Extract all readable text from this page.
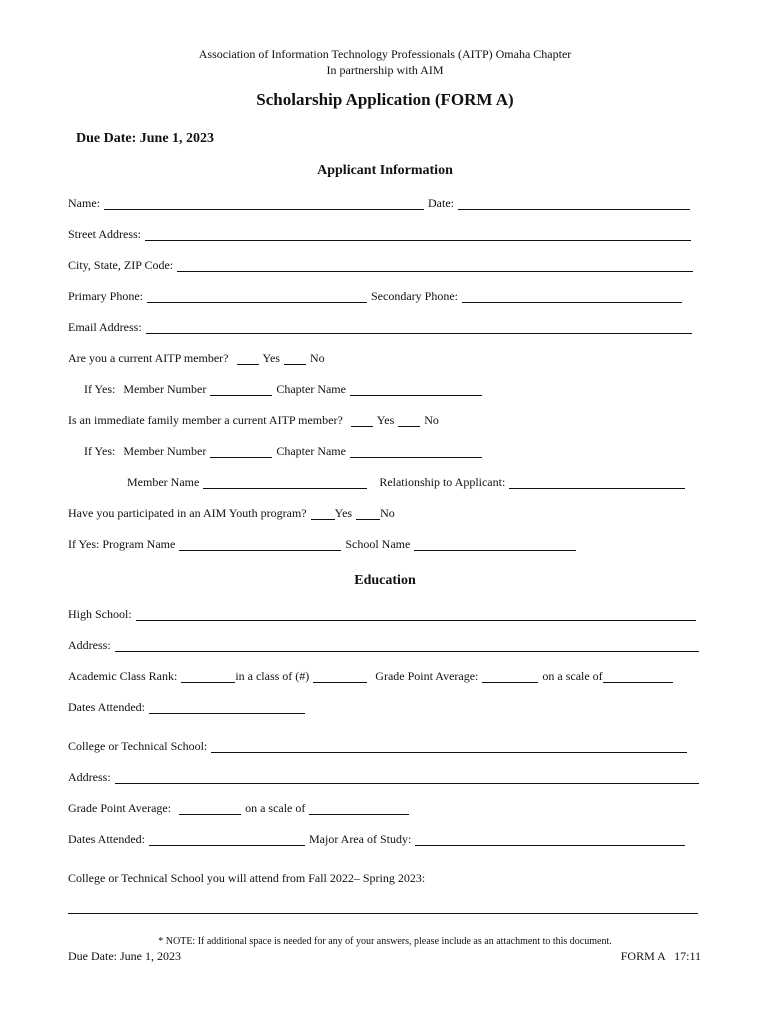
Association of Information Technology Professionals (AITP) Omaha Chapter
In partnership with AIM
Scholarship Application (FORM A)
Due Date: June 1, 2023
Applicant Information
Name:	Date:
Street Address:
City, State, ZIP Code:
Primary Phone:	Secondary Phone:
Email Address:
Are you a current AITP member?	Yes	No
If Yes: Member Number	Chapter Name
Is an immediate family member a current AITP member?	Yes	No
If Yes: Member Number	Chapter Name
Member Name	Relationship to Applicant:
Have you participated in an AIM Youth program? Yes No
If Yes: Program Name	School Name
Education
High School:
Address:
Academic Class Rank:	in a class of (#)	Grade Point Average:	on a scale of
Dates Attended:
College or Technical School:
Address:
Grade Point Average:	on a scale of
Dates Attended:	Major Area of Study:
College or Technical School you will attend from Fall 2022– Spring 2023:
* NOTE: If additional space is needed for any of your answers, please include as an attachment to this document.
Due Date: June 1, 2023	FORM A   17:11
